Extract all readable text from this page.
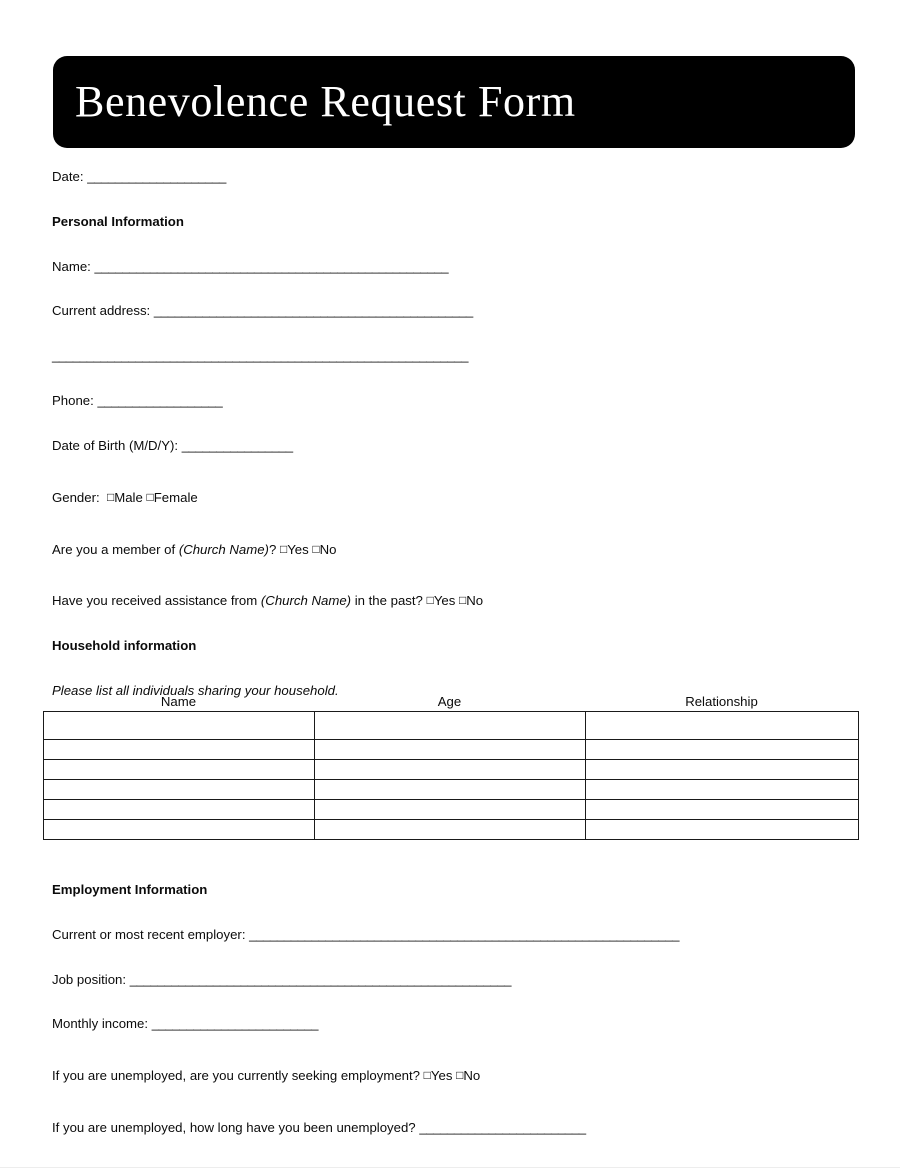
Benevolence Request Form
Date: ____________________
Personal Information
Name: ___________________________________________________
Current address: ______________________________________________
____________________________________________________________
Phone: __________________
Date of Birth (M/D/Y): ________________
Gender: □Male □Female
Are you a member of (Church Name)? □Yes □No
Have you received assistance from (Church Name) in the past? □Yes □No
Household information
Please list all individuals sharing your household.
Name	Age	Relationship

Employment Information
Current or most recent employer: ______________________________________________________________
Job position: _______________________________________________________
Monthly income: ________________________
If you are unemployed, are you currently seeking employment? □Yes □No
If you are unemployed, how long have you been unemployed? ________________________
